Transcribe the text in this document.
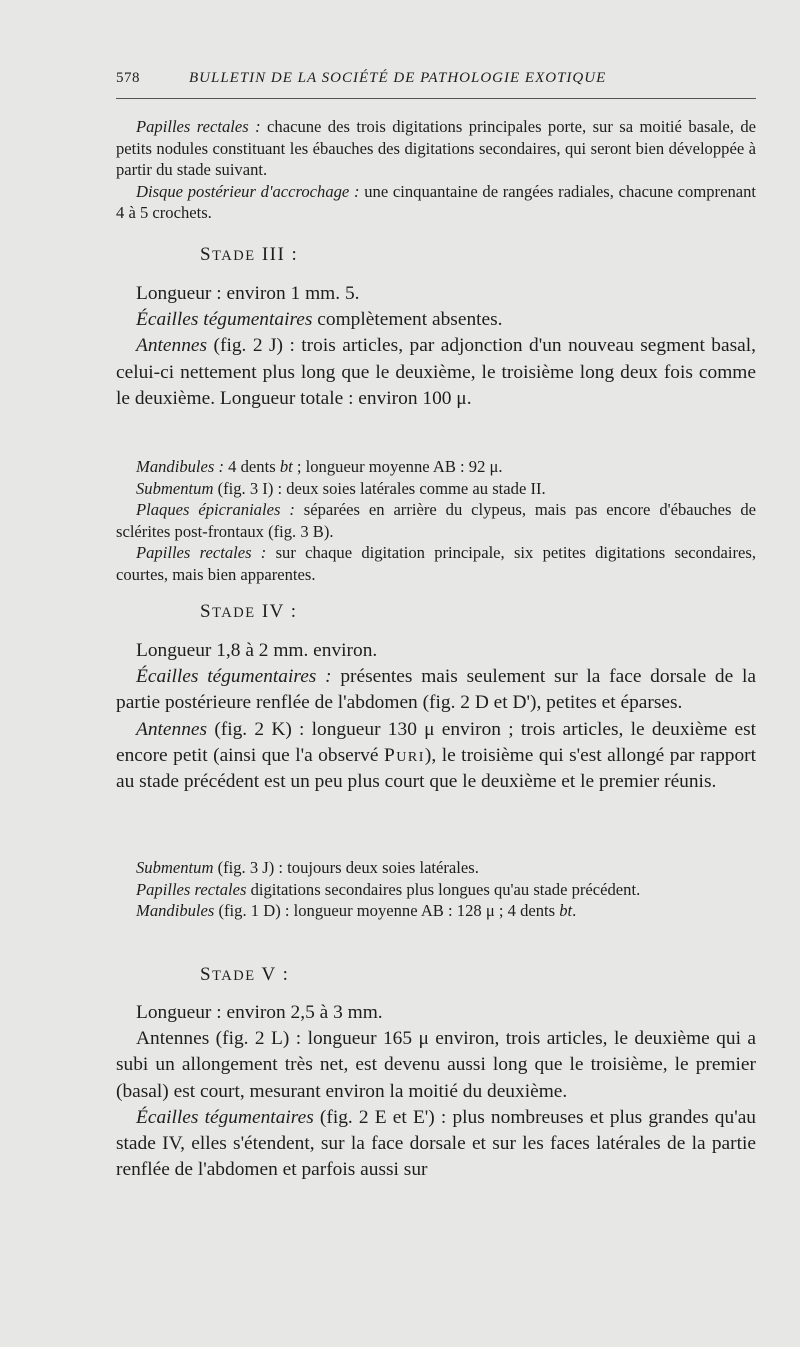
578	BULLETIN DE LA SOCIÉTÉ DE PATHOLOGIE EXOTIQUE

Papilles rectales : chacune des trois digitations principales porte, sur sa moitié basale, de petits nodules constituant les ébauches des digitations secondaires, qui seront bien développée à partir du stade suivant.

Disque postérieur d'accrochage : une cinquantaine de rangées radiales, chacune comprenant 4 à 5 crochets.

STADE III :

Longueur : environ 1 mm. 5.

Écailles tégumentaires complètement absentes.

Antennes (fig. 2 J) : trois articles, par adjonction d'un nouveau segment basal, celui-ci nettement plus long que le deuxième, le troisième long deux fois comme le deuxième. Longueur totale : environ 100 μ.

Mandibules : 4 dents bt ; longueur moyenne AB : 92 μ.

Submentum (fig. 3 I) : deux soies latérales comme au stade II.

Plaques épicraniales : séparées en arrière du clypeus, mais pas encore d'ébauches de sclérites post-frontaux (fig. 3 B).

Papilles rectales : sur chaque digitation principale, six petites digitations secondaires, courtes, mais bien apparentes.

STADE IV :

Longueur 1,8 à 2 mm. environ.

Écailles tégumentaires : présentes mais seulement sur la face dorsale de la partie postérieure renflée de l'abdomen (fig. 2 D et D'), petites et éparses.

Antennes (fig. 2 K) : longueur 130 μ environ ; trois articles, le deuxième est encore petit (ainsi que l'a observé Puri), le troisième qui s'est allongé par rapport au stade précédent est un peu plus court que le deuxième et le premier réunis.

Submentum (fig. 3 J) : toujours deux soies latérales.

Papilles rectales digitations secondaires plus longues qu'au stade précédent.

Mandibules (fig. 1 D) : longueur moyenne AB : 128 μ ; 4 dents bt.

STADE V :

Longueur : environ 2,5 à 3 mm.

Antennes (fig. 2 L) : longueur 165 μ environ, trois articles, le deuxième qui a subi un allongement très net, est devenu aussi long que le troisième, le premier (basal) est court, mesurant environ la moitié du deuxième.

Écailles tégumentaires (fig. 2 E et E') : plus nombreuses et plus grandes qu'au stade IV, elles s'étendent, sur la face dorsale et sur les faces latérales de la partie renflée de l'abdomen et parfois aussi sur
